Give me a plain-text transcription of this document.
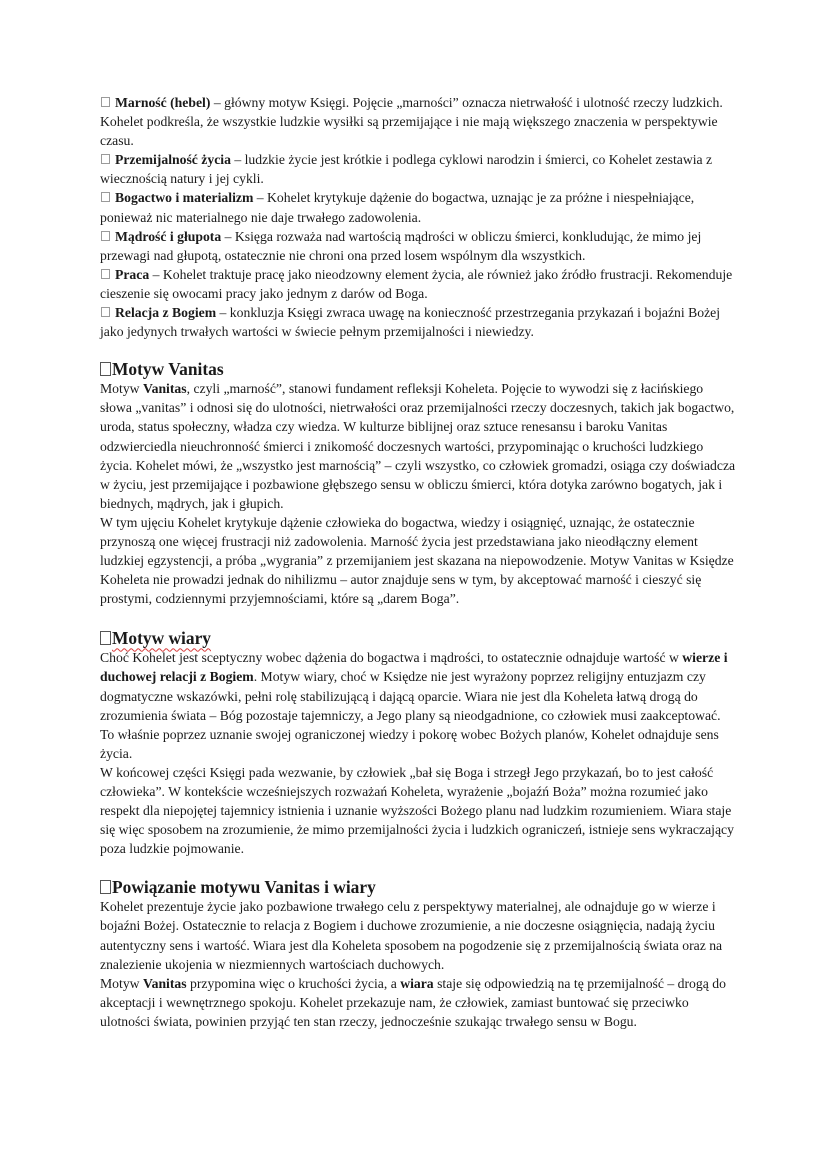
Marność (hebel) – główny motyw Księgi. Pojęcie „marności” oznacza nietrwałość i ulotność rzeczy ludzkich. Kohelet podkreśla, że wszystkie ludzkie wysiłki są przemijające i nie mają większego znaczenia w perspektywie czasu.

Przemijalność życia – ludzkie życie jest krótkie i podlega cyklowi narodzin i śmierci, co Kohelet zestawia z wiecznością natury i jej cykli.

Bogactwo i materializm – Kohelet krytykuje dążenie do bogactwa, uznając je za próżne i niespełniające, ponieważ nic materialnego nie daje trwałego zadowolenia.

Mądrość i głupota – Księga rozważa nad wartością mądrości w obliczu śmierci, konkludując, że mimo jej przewagi nad głupotą, ostatecznie nie chroni ona przed losem wspólnym dla wszystkich.

Praca – Kohelet traktuje pracę jako nieodzowny element życia, ale również jako źródło frustracji. Rekomenduje cieszenie się owocami pracy jako jednym z darów od Boga.

Relacja z Bogiem – konkluzja Księgi zwraca uwagę na konieczność przestrzegania przykazań i bojaźni Bożej jako jedynych trwałych wartości w świecie pełnym przemijalności i niewiedzy.

Motyw Vanitas

Motyw Vanitas, czyli „marność”, stanowi fundament refleksji Koheleta. Pojęcie to wywodzi się z łacińskiego słowa „vanitas” i odnosi się do ulotności, nietrwałości oraz przemijalności rzeczy doczesnych, takich jak bogactwo, uroda, status społeczny, władza czy wiedza. W kulturze biblijnej oraz sztuce renesansu i baroku Vanitas odzwierciedla nieuchronność śmierci i znikomość doczesnych wartości, przypominając o kruchości ludzkiego życia. Kohelet mówi, że „wszystko jest marnością” – czyli wszystko, co człowiek gromadzi, osiąga czy doświadcza w życiu, jest przemijające i pozbawione głębszego sensu w obliczu śmierci, która dotyka zarówno bogatych, jak i biednych, mądrych, jak i głupich.

W tym ujęciu Kohelet krytykuje dążenie człowieka do bogactwa, wiedzy i osiągnięć, uznając, że ostatecznie przynoszą one więcej frustracji niż zadowolenia. Marność życia jest przedstawiana jako nieodłączny element ludzkiej egzystencji, a próba „wygrania” z przemijaniem jest skazana na niepowodzenie. Motyw Vanitas w Księdze Koheleta nie prowadzi jednak do nihilizmu – autor znajduje sens w tym, by akceptować marność i cieszyć się prostymi, codziennymi przyjemnościami, które są „darem Boga”.

Motyw wiary

Choć Kohelet jest sceptyczny wobec dążenia do bogactwa i mądrości, to ostatecznie odnajduje wartość w wierze i duchowej relacji z Bogiem. Motyw wiary, choć w Księdze nie jest wyrażony poprzez religijny entuzjazm czy dogmatyczne wskazówki, pełni rolę stabilizującą i dającą oparcie. Wiara nie jest dla Koheleta łatwą drogą do zrozumienia świata – Bóg pozostaje tajemniczy, a Jego plany są nieodgadnione, co człowiek musi zaakceptować. To właśnie poprzez uznanie swojej ograniczonej wiedzy i pokorę wobec Bożych planów, Kohelet odnajduje sens życia.

W końcowej części Księgi pada wezwanie, by człowiek „bał się Boga i strzegł Jego przykazań, bo to jest całość człowieka”. W kontekście wcześniejszych rozważań Koheleta, wyrażenie „bojaźń Boża” można rozumieć jako respekt dla niepojętej tajemnicy istnienia i uznanie wyższości Bożego planu nad ludzkim rozumieniem. Wiara staje się więc sposobem na zrozumienie, że mimo przemijalności życia i ludzkich ograniczeń, istnieje sens wykraczający poza ludzkie pojmowanie.

Powiązanie motywu Vanitas i wiary

Kohelet prezentuje życie jako pozbawione trwałego celu z perspektywy materialnej, ale odnajduje go w wierze i bojaźni Bożej. Ostatecznie to relacja z Bogiem i duchowe zrozumienie, a nie doczesne osiągnięcia, nadają życiu autentyczny sens i wartość. Wiara jest dla Koheleta sposobem na pogodzenie się z przemijalnością świata oraz na znalezienie ukojenia w niezmiennych wartościach duchowych.

Motyw Vanitas przypomina więc o kruchości życia, a wiara staje się odpowiedzią na tę przemijalność – drogą do akceptacji i wewnętrznego spokoju. Kohelet przekazuje nam, że człowiek, zamiast buntować się przeciwko ulotności świata, powinien przyjąć ten stan rzeczy, jednocześnie szukając trwałego sensu w Bogu.
